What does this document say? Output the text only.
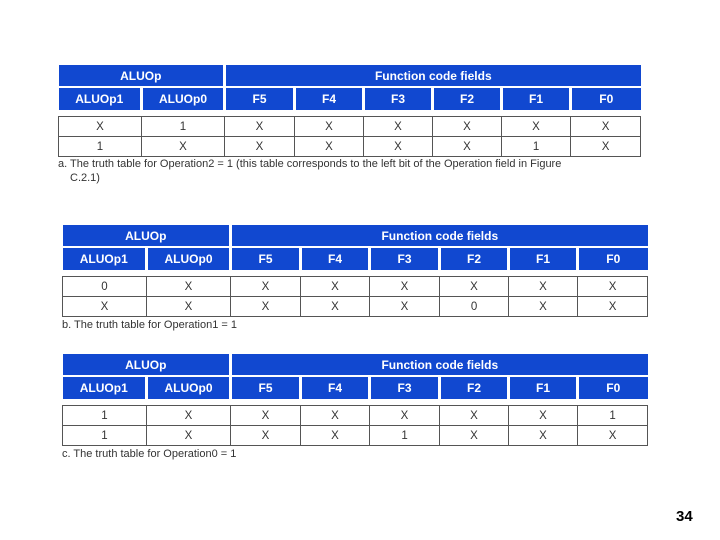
ALUOp		Function code fields					
ALUOp1	ALUOp0	F5	F4	F3	F2	F1	F0

X	1	X	X	X	X	X	X
1	X	X	X	X	X	1	X
a. The truth table for Operation2 = 1 (this table corresponds to the left bit of the Operation field in Figure
C.2.1)
ALUOp		Function code fields					
ALUOp1	ALUOp0	F5	F4	F3	F2	F1	F0

0	X	X	X	X	X	X	X
X	X	X	X	X	0	X	X
b. The truth table for Operation1 = 1
ALUOp		Function code fields					
ALUOp1	ALUOp0	F5	F4	F3	F2	F1	F0

1	X	X	X	X	X	X	1
1	X	X	X	1	X	X	X
c. The truth table for Operation0 = 1
34
